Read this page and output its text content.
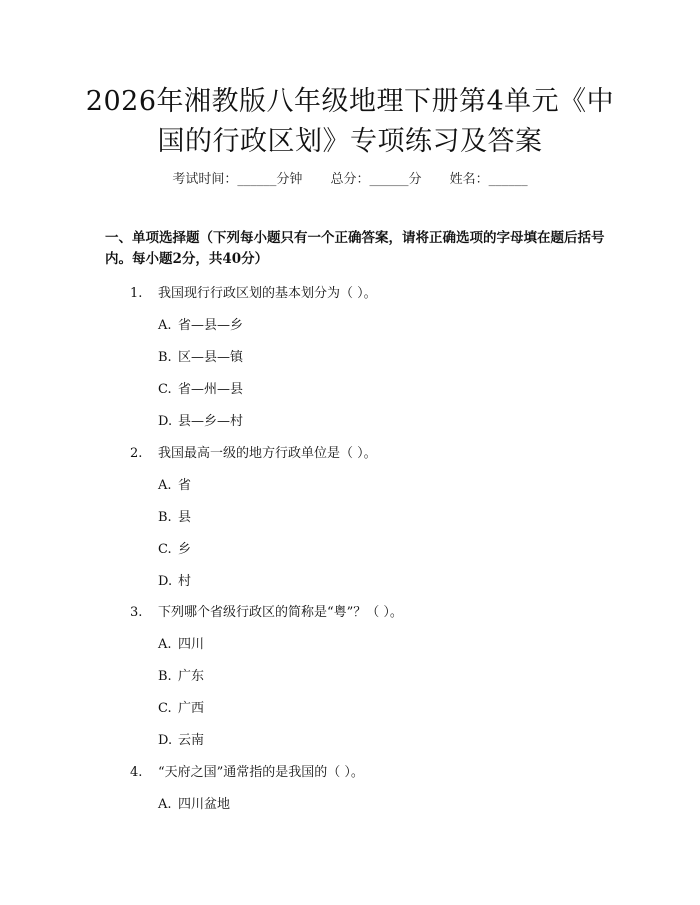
2026年湘教版八年级地理下册第4单元《中
国的行政区划》专项练习及答案
考试时间：______分钟 总分：______分 姓名：______
一、单项选择题（下列每小题只有一个正确答案，请将正确选项的字母填在题后括号内。每小题2分，共40分）
1. 我国现行行政区划的基本划分为（ ）。
A. 省—县—乡
B. 区—县—镇
C. 省—州—县
D. 县—乡—村
2. 我国最高一级的地方行政单位是（ ）。
A. 省
B. 县
C. 乡
D. 村
3. 下列哪个省级行政区的简称是“粤”？（ ）。
A. 四川
B. 广东
C. 广西
D. 云南
4. “天府之国”通常指的是我国的（ ）。
A. 四川盆地
